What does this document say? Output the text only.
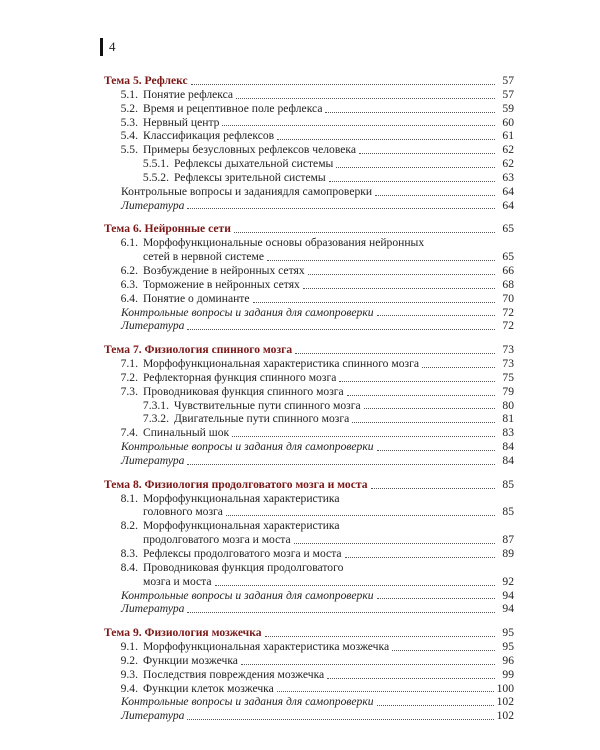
4
Тема 5. Рефлекс	57
5.1. Понятие рефлекса	57
5.2. Время и рецептивное поле рефлекса	59
5.3. Нервный центр	60
5.4. Классификация рефлексов	61
5.5. Примеры безусловных рефлексов человека	62
5.5.1. Рефлексы дыхательной системы	62
5.5.2. Рефлексы зрительной системы	63
Контрольные вопросы и заданиядля самопроверки	64
Литература	64
Тема 6. Нейронные сети	65
6.1. Морфофункциональные основы образования нейронных
сетей в нервной системе	65
6.2. Возбуждение в нейронных сетях	66
6.3. Торможение в нейронных сетях	68
6.4. Понятие о доминанте	70
Контрольные вопросы и задания для самопроверки	72
Литература	72
Тема 7. Физиология спинного мозга	73
7.1. Морфофункциональная характеристика спинного мозга	73
7.2. Рефлекторная функция спинного мозга	75
7.3. Проводниковая функция спинного мозга	79
7.3.1. Чувствительные пути спинного мозга	80
7.3.2. Двигательные пути спинного мозга	81
7.4. Спинальный шок	83
Контрольные вопросы и задания для самопроверки	84
Литература	84
Тема 8. Физиология продолговатого мозга и моста	85
8.1. Морфофункциональная характеристика
головного мозга	85
8.2. Морфофункциональная характеристика
продолговатого мозга и моста	87
8.3. Рефлексы продолговатого мозга и моста	89
8.4. Проводниковая функция продолговатого
мозга и моста	92
Контрольные вопросы и задания для самопроверки	94
Литература	94
Тема 9. Физиология мозжечка	95
9.1. Морфофункциональная характеристика мозжечка	95
9.2. Функции мозжечка	96
9.3. Последствия повреждения мозжечка	99
9.4. Функции клеток мозжечка	100
Контрольные вопросы и задания для самопроверки	102
Литература	102
